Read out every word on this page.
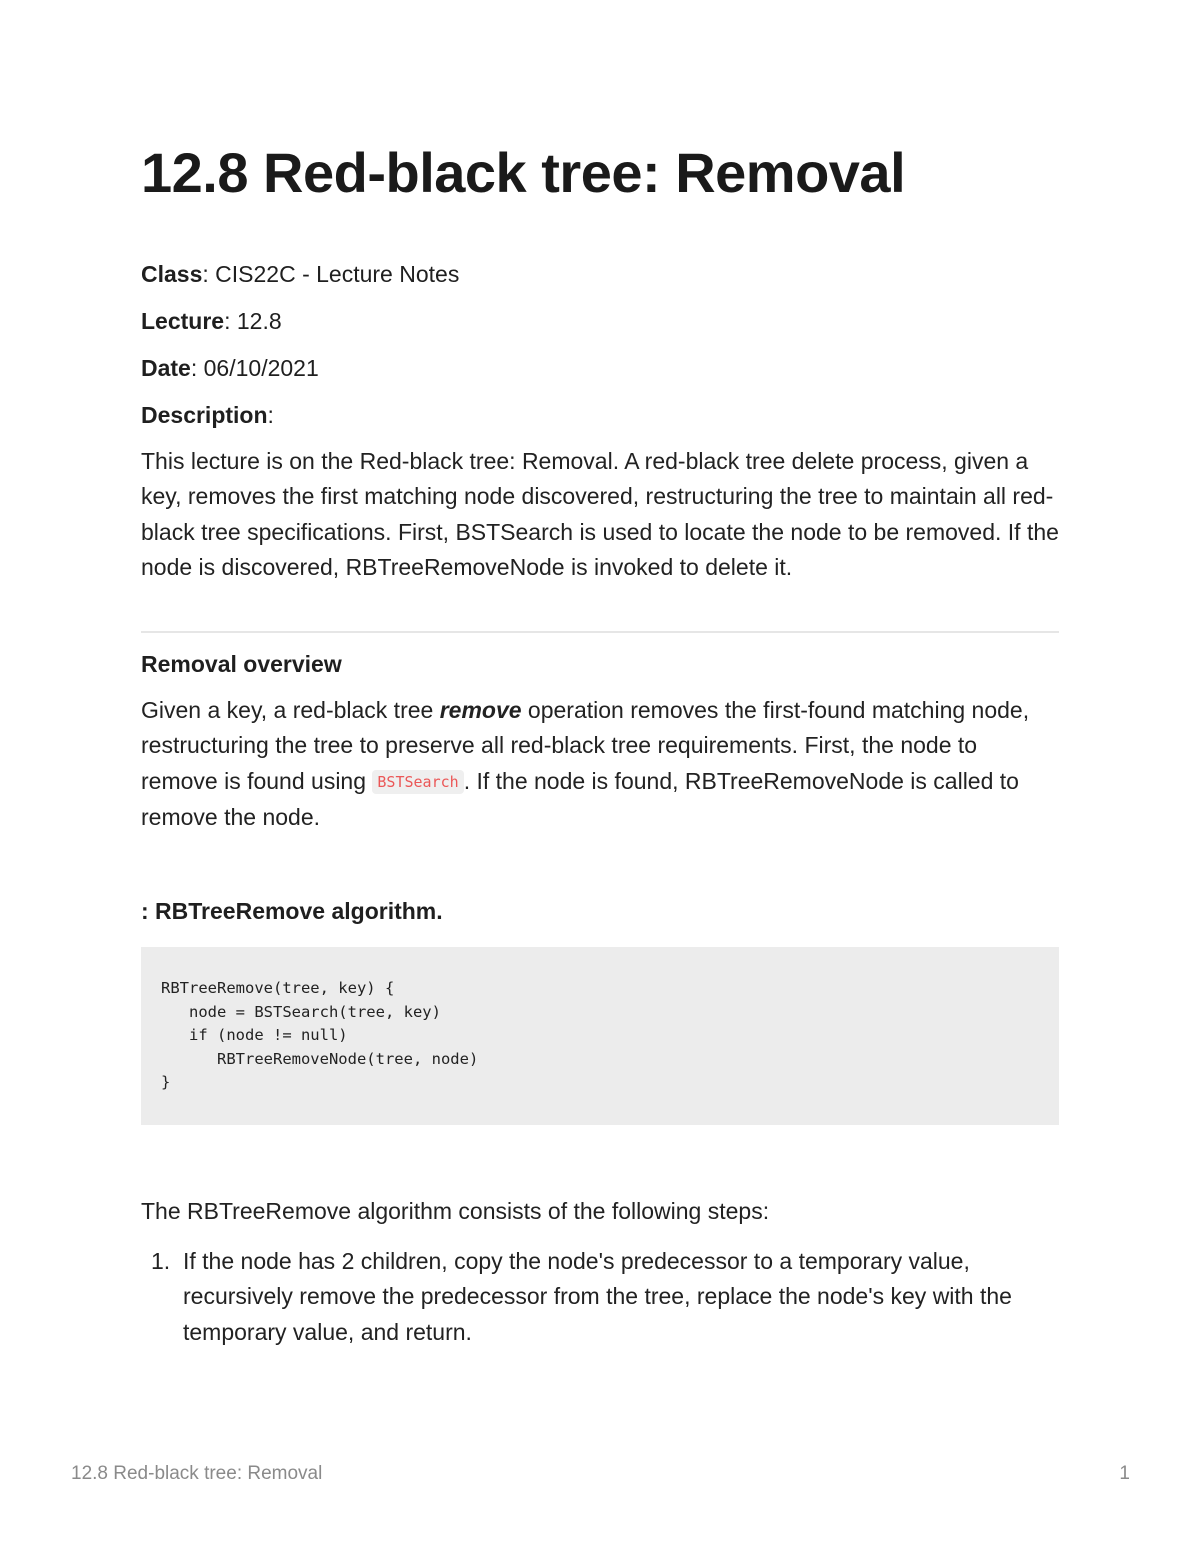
12.8 Red-black tree: Removal
Class: CIS22C - Lecture Notes
Lecture: 12.8
Date: 06/10/2021
Description:

This lecture is on the Red-black tree: Removal. A red-black tree delete process, given a key, removes the first matching node discovered, restructuring the tree to maintain all red-black tree specifications. First, BSTSearch is used to locate the node to be removed. If the node is discovered, RBTreeRemoveNode is invoked to delete it.

Removal overview

Given a key, a red-black tree remove operation removes the first-found matching node, restructuring the tree to preserve all red-black tree requirements. First, the node to remove is found using BSTSearch . If the node is found, RBTreeRemoveNode is called to remove the node.

: RBTreeRemove algorithm.
RBTreeRemove(tree, key) {
node = BSTSearch(tree, key)
if (node != null)
RBTreeRemoveNode(tree, node)
}

The RBTreeRemove algorithm consists of the following steps:

1. If the node has 2 children, copy the node's predecessor to a temporary value, recursively remove the predecessor from the tree, replace the node's key with the temporary value, and return.
12.8 Red-black tree: Removal	1
